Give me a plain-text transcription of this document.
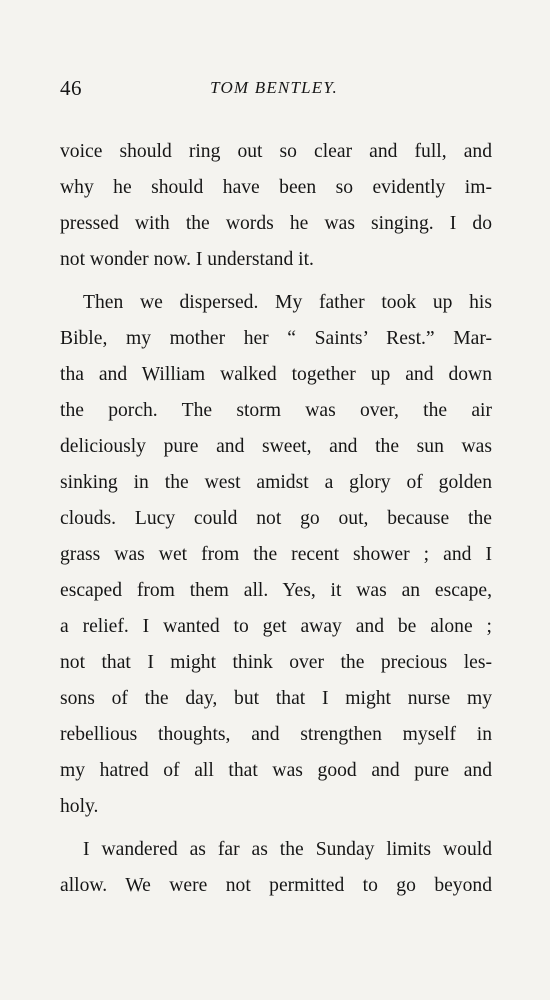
46	TOM BENTLEY.
voice should ring out so clear and full, and
why he should have been so evidently im-
pressed with the words he was singing. I do
not wonder now. I understand it.
Then we dispersed. My father took up his
Bible, my mother her “ Saints’ Rest.” Mar-
tha and William walked together up and down
the porch. The storm was over, the air
deliciously pure and sweet, and the sun was
sinking in the west amidst a glory of golden
clouds. Lucy could not go out, because the
grass was wet from the recent shower ; and I
escaped from them all. Yes, it was an escape,
a relief. I wanted to get away and be alone ;
not that I might think over the precious les-
sons of the day, but that I might nurse my
rebellious thoughts, and strengthen myself in
my hatred of all that was good and pure and
holy.
I wandered as far as the Sunday limits would
allow. We were not permitted to go beyond
